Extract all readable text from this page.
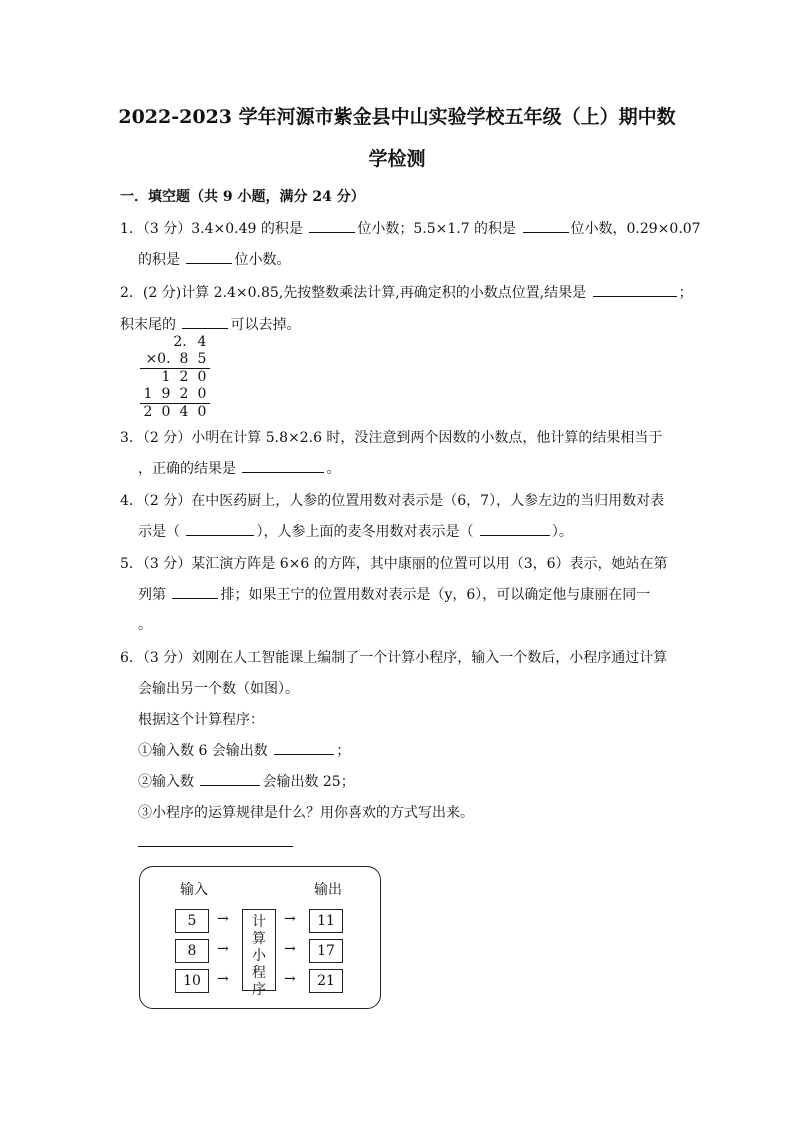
2022-2023 学年河源市紫金县中山实验学校五年级（上）期中数
学检测
一．填空题（共 9 小题，满分 24 分）
1．（3 分）3.4×0.49 的积是	位小数；5.5×1.7 的积是	位小数，0.29×0.07
的积是	位小数。
2．(2 分)计算 2.4×0.85,先按整数乘法计算,再确定积的小数点位置,结果是	；
积末尾的	可以去掉。
2. 4
×0. 8 5
1 2 0
1 9 2 0
2 0 4 0
3．（2 分）小明在计算 5.8×2.6 时，没注意到两个因数的小数点，他计算的结果相当于
，正确的结果是	。
4．（2 分）在中医药厨上，人参的位置用数对表示是（6，7），人参左边的当归用数对表
示是（	），人参上面的麦冬用数对表示是（	）。
5．（3 分）某汇演方阵是 6×6 的方阵，其中康丽的位置可以用（3，6）表示，她站在第
列第	排；如果王宁的位置用数对表示是（y，6），可以确定他与康丽在同一
。
6．（3 分）刘刚在人工智能课上编制了一个计算小程序，输入一个数后，小程序通过计算
会输出另一个数（如图）。
根据这个计算程序：
①输入数 6 会输出数	；
②输入数	会输出数 25；
③小程序的运算规律是什么？用你喜欢的方式写出来。
输入	输出
5
8
10
→
→
→
计
算
小
程
序
→
→
→
11
17
21
